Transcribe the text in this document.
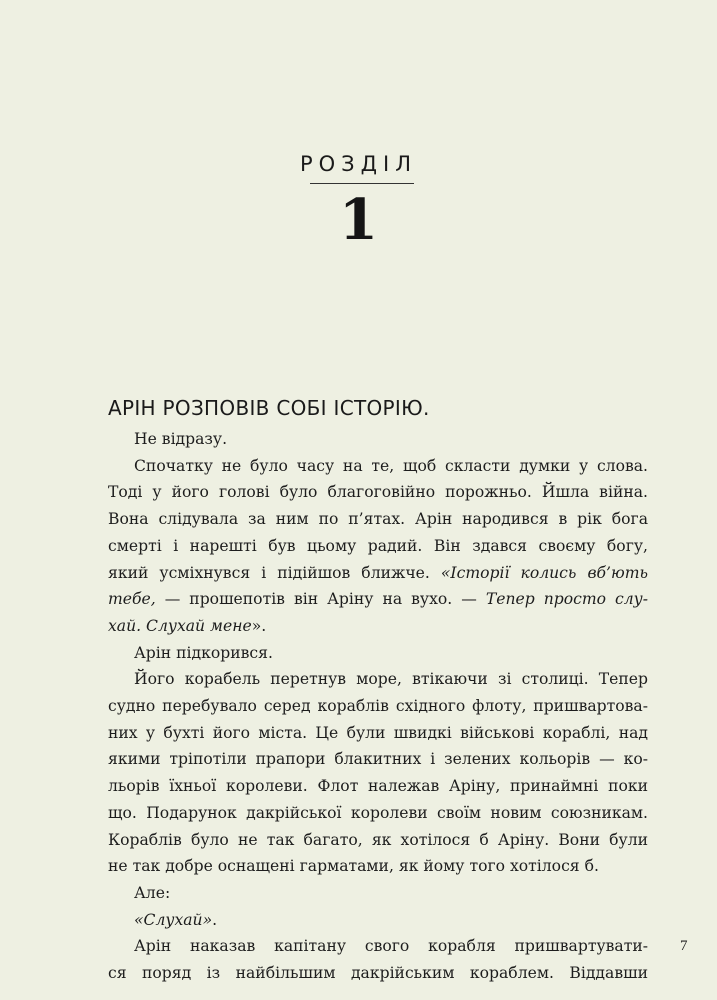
РОЗДІЛ
1
АРІН РОЗПОВІВ СОБІ ІСТОРІЮ.
Не відразу.
Спочатку не було часу на те, щоб скласти думки у слова.
Тоді у його голові було благоговійно порожньо. Йшла війна.
Вона слідувала за ним по п’ятах. Арін народився в рік бога
смерті і нарешті був цьому радий. Він здався своєму богу,
який усміхнувся і підійшов ближче. «Історії колись вб’ють
тебе, — прошепотів він Аріну на вухо. — Тепер просто слу-
хай. Слухай мене».
Арін підкорився.
Його корабель перетнув море, втікаючи зі столиці. Тепер
судно перебувало серед кораблів східного флоту, пришвартова-
них у бухті його міста. Це були швидкі військові кораблі, над
якими тріпотіли прапори блакитних і зелених кольорів — ко-
льорів їхньої королеви. Флот належав Аріну, принаймні поки
що. Подарунок дакрійської королеви своїм новим союзникам.
Кораблів було не так багато, як хотілося б Аріну. Вони були
не так добре оснащені гарматами, як йому того хотілося б.
Але:
«Слухай».
Арін наказав капітану свого корабля пришвартувати-
ся поряд із найбільшим дакрійським кораблем. Віддавши
7
